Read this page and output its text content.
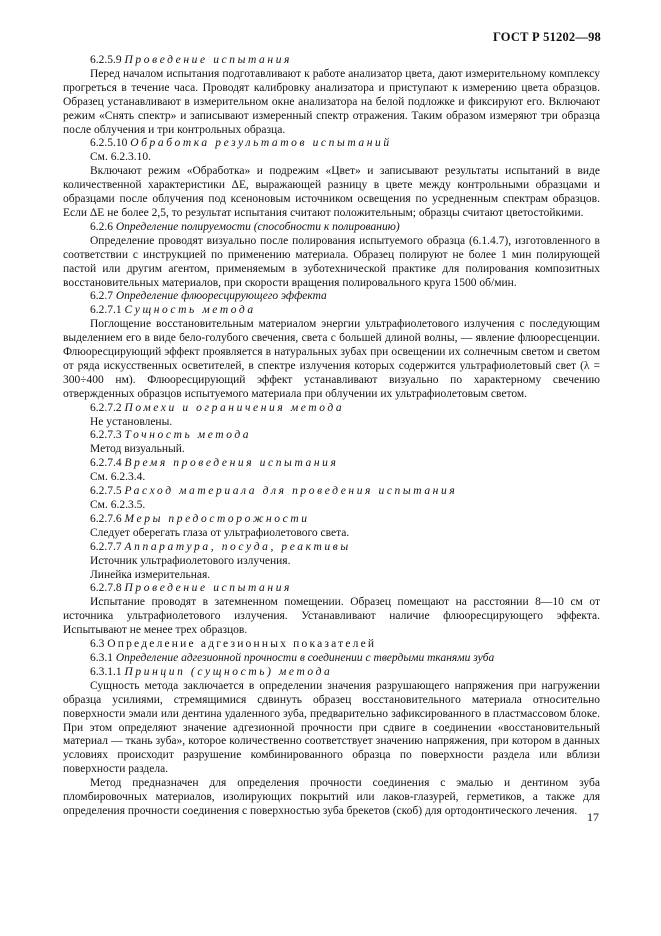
ГОСТ Р 51202—98
6.2.5.9 Проведение испытания
Перед началом испытания подготавливают к работе анализатор цвета, дают измерительному комплексу прогреться в течение часа. Проводят калибровку анализатора и приступают к измерению цвета образцов. Образец устанавливают в измерительном окне анализатора на белой подложке и фиксируют его. Включают режим «Снять спектр» и записывают измеренный спектр отражения. Таким образом измеряют три образца после облучения и три контрольных образца.
6.2.5.10 Обработка результатов испытаний
См. 6.2.3.10.
Включают режим «Обработка» и подрежим «Цвет» и записывают результаты испытаний в виде количественной характеристики ΔE, выражающей разницу в цвете между контрольными образцами и образцами после облучения под ксеноновым источником освещения по усредненным спектрам образцов. Если ΔE не более 2,5, то результат испытания считают положительным; образцы считают цветостойкими.
6.2.6 Определение полируемости (способности к полированию)
Определение проводят визуально после полирования испытуемого образца (6.1.4.7), изготовленного в соответствии с инструкцией по применению материала. Образец полируют не более 1 мин полирующей пастой или другим агентом, применяемым в зуботехнической практике для полирования композитных восстановительных материалов, при скорости вращения полировального круга 1500 об/мин.
6.2.7 Определение флюоресцирующего эффекта
6.2.7.1 Сущность метода
Поглощение восстановительным материалом энергии ультрафиолетового излучения с последующим выделением его в виде бело-голубого свечения, света с большей длиной волны, — явление флюоресценции. Флюоресцирующий эффект проявляется в натуральных зубах при освещении их солнечным светом и светом от ряда искусственных осветителей, в спектре излучения которых содержится ультрафиолетовый свет (λ = 300÷400 нм). Флюоресцирующий эффект устанавливают визуально по характерному свечению отвержденных образцов испытуемого материала при облучении их ультрафиолетовым светом.
6.2.7.2 Помехи и ограничения метода
Не установлены.
6.2.7.3 Точность метода
Метод визуальный.
6.2.7.4 Время проведения испытания
См. 6.2.3.4.
6.2.7.5 Расход материала для проведения испытания
См. 6.2.3.5.
6.2.7.6 Меры предосторожности
Следует оберегать глаза от ультрафиолетового света.
6.2.7.7 Аппаратура, посуда, реактивы
Источник ультрафиолетового излучения.
Линейка измерительная.
6.2.7.8 Проведение испытания
Испытание проводят в затемненном помещении. Образец помещают на расстоянии 8—10 см от источника ультрафиолетового излучения. Устанавливают наличие флюоресцирующего эффекта. Испытывают не менее трех образцов.
6.3 Определение адгезионных показателей
6.3.1 Определение адгезионной прочности в соединении с твердыми тканями зуба
6.3.1.1 Принцип (сущность) метода
Сущность метода заключается в определении значения разрушающего напряжения при нагружении образца усилиями, стремящимися сдвинуть образец восстановительного материала относительно поверхности эмали или дентина удаленного зуба, предварительно зафиксированного в пластмассовом блоке. При этом определяют значение адгезионной прочности при сдвиге в соединении «восстановительный материал — ткань зуба», которое количественно соответствует значению напряжения, при котором в данных условиях происходит разрушение комбинированного образца по поверхности раздела или вблизи поверхности раздела.
Метод предназначен для определения прочности соединения с эмалью и дентином зуба пломбировочных материалов, изолирующих покрытий или лаков-глазурей, герметиков, а также для определения прочности соединения с поверхностью зуба брекетов (скоб) для ортодонтического лечения. 17
